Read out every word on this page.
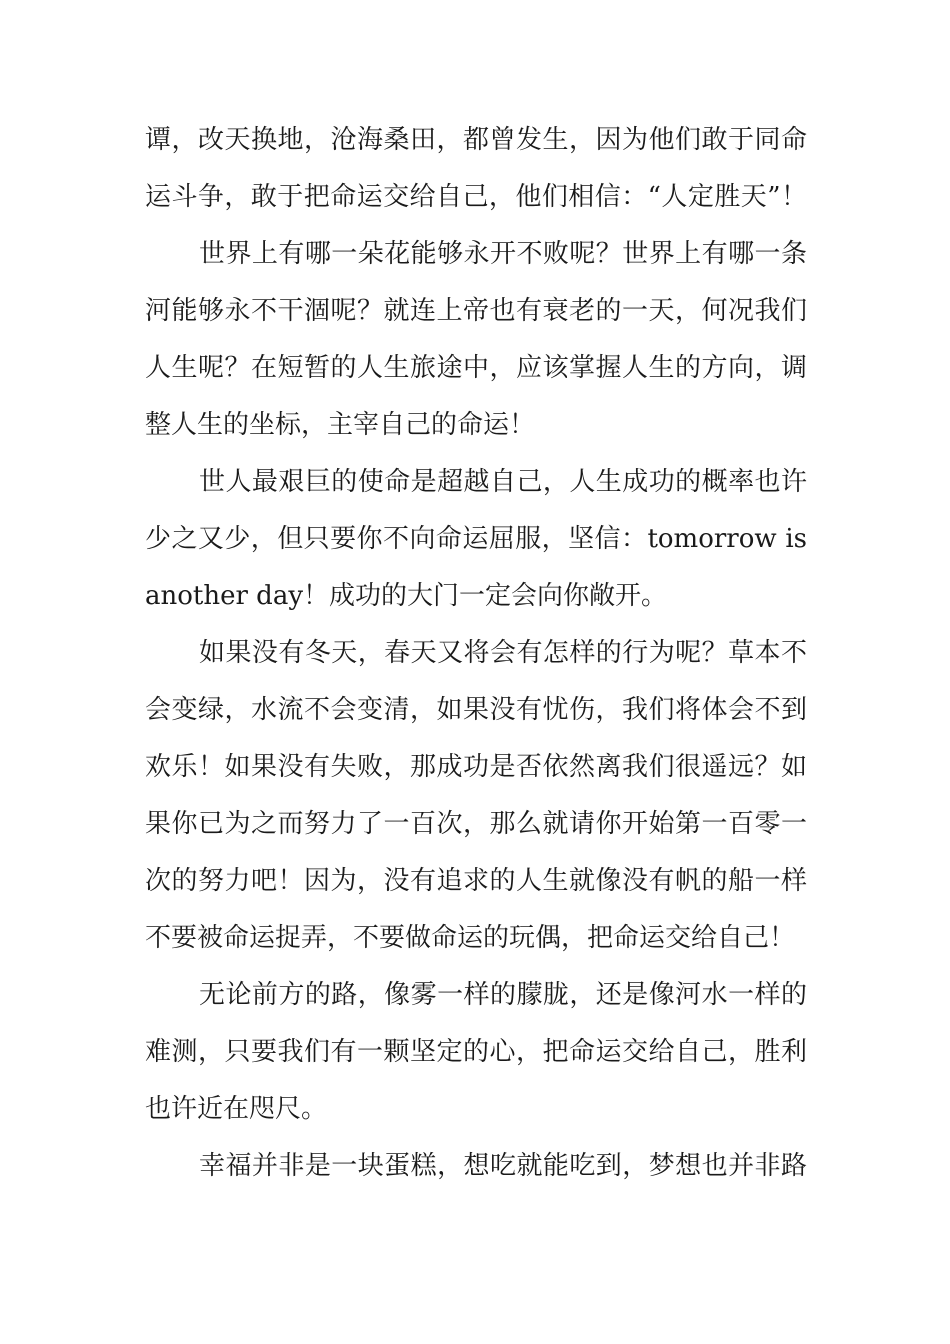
谭，改天换地，沧海桑田，都曾发生，因为他们敢于同命
运斗争，敢于把命运交给自己，他们相信：“人定胜天”！
世界上有哪一朵花能够永开不败呢？世界上有哪一条
河能够永不干涸呢？就连上帝也有衰老的一天，何况我们
人生呢？在短暂的人生旅途中，应该掌握人生的方向，调
整人生的坐标，主宰自己的命运！
世人最艰巨的使命是超越自己，人生成功的概率也许
少之又少，但只要你不向命运屈服，坚信：tomorrow is
another day！成功的大门一定会向你敞开。
如果没有冬天，春天又将会有怎样的行为呢？草本不
会变绿，水流不会变清，如果没有忧伤，我们将体会不到
欢乐！如果没有失败，那成功是否依然离我们很遥远？如
果你已为之而努力了一百次，那么就请你开始第一百零一
次的努力吧！因为，没有追求的人生就像没有帆的船一样
不要被命运捉弄，不要做命运的玩偶，把命运交给自己！
无论前方的路，像雾一样的朦胧，还是像河水一样的
难测，只要我们有一颗坚定的心，把命运交给自己，胜利
也许近在咫尺。
幸福并非是一块蛋糕，想吃就能吃到，梦想也并非路
